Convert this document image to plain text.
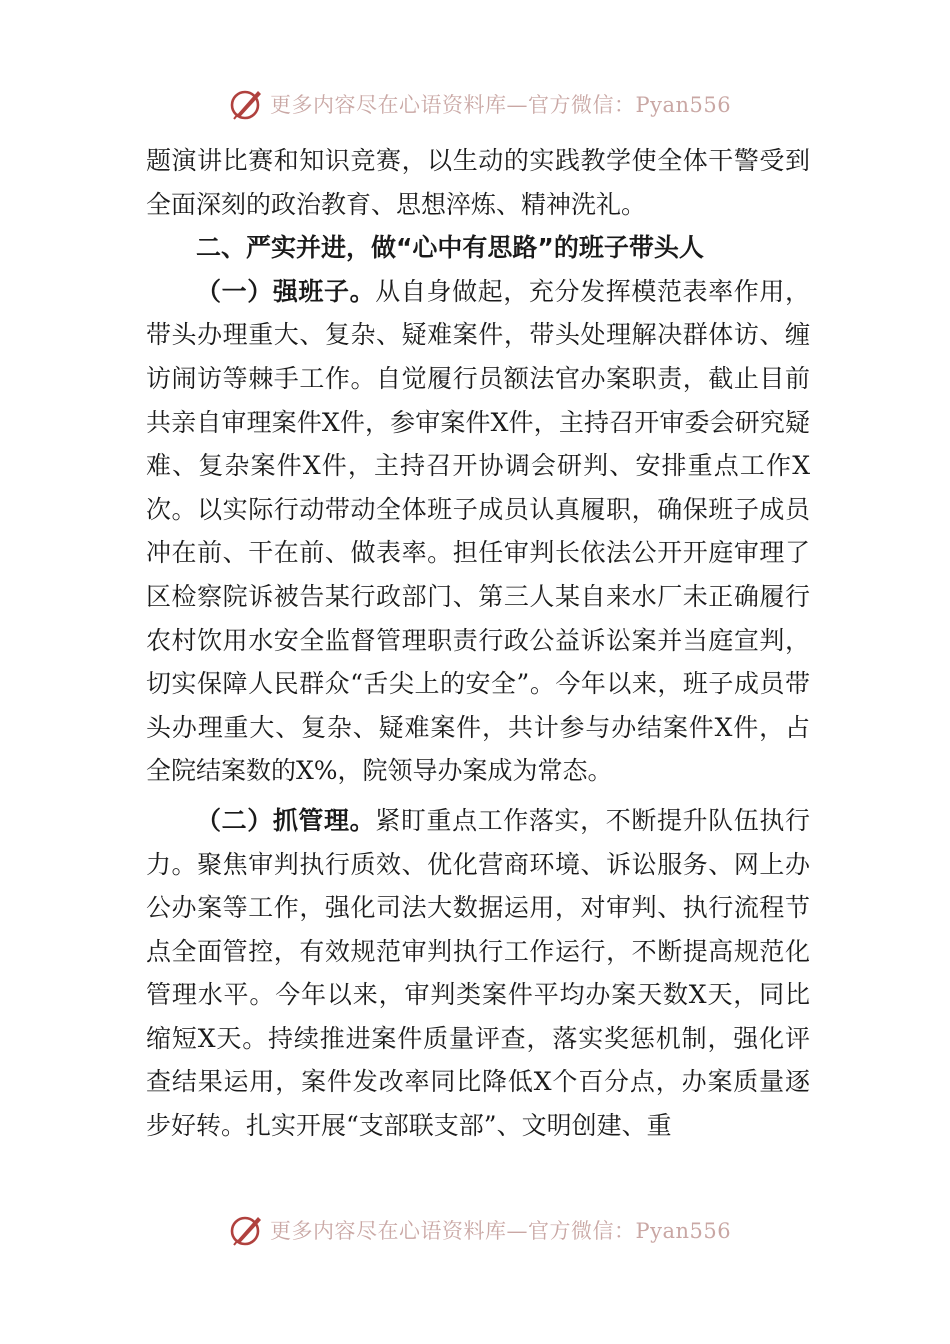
更多内容尽在心语资料库—官方微信：Pyan556

题演讲比赛和知识竞赛，以生动的实践教学使全体干警受到全面深刻的政治教育、思想淬炼、精神洗礼。

二、严实并进，做“心中有思路”的班子带头人

（一）强班子。从自身做起，充分发挥模范表率作用，带头办理重大、复杂、疑难案件，带头处理解决群体访、缠访闹访等棘手工作。自觉履行员额法官办案职责，截止目前共亲自审理案件X件，参审案件X件，主持召开审委会研究疑难、复杂案件X件，主持召开协调会研判、安排重点工作X次。以实际行动带动全体班子成员认真履职，确保班子成员冲在前、干在前、做表率。担任审判长依法公开开庭审理了区检察院诉被告某行政部门、第三人某自来水厂未正确履行农村饮用水安全监督管理职责行政公益诉讼案并当庭宣判，切实保障人民群众“舌尖上的安全”。今年以来，班子成员带头办理重大、复杂、疑难案件，共计参与办结案件X件，占全院结案数的X%，院领导办案成为常态。

（二）抓管理。紧盯重点工作落实，不断提升队伍执行力。聚焦审判执行质效、优化营商环境、诉讼服务、网上办公办案等工作，强化司法大数据运用，对审判、执行流程节点全面管控，有效规范审判执行工作运行，不断提高规范化管理水平。今年以来，审判类案件平均办案天数X天，同比缩短X天。持续推进案件质量评查，落实奖惩机制，强化评查结果运用，案件发改率同比降低X个百分点，办案质量逐步好转。扎实开展“支部联支部”、文明创建、重

更多内容尽在心语资料库—官方微信：Pyan556
